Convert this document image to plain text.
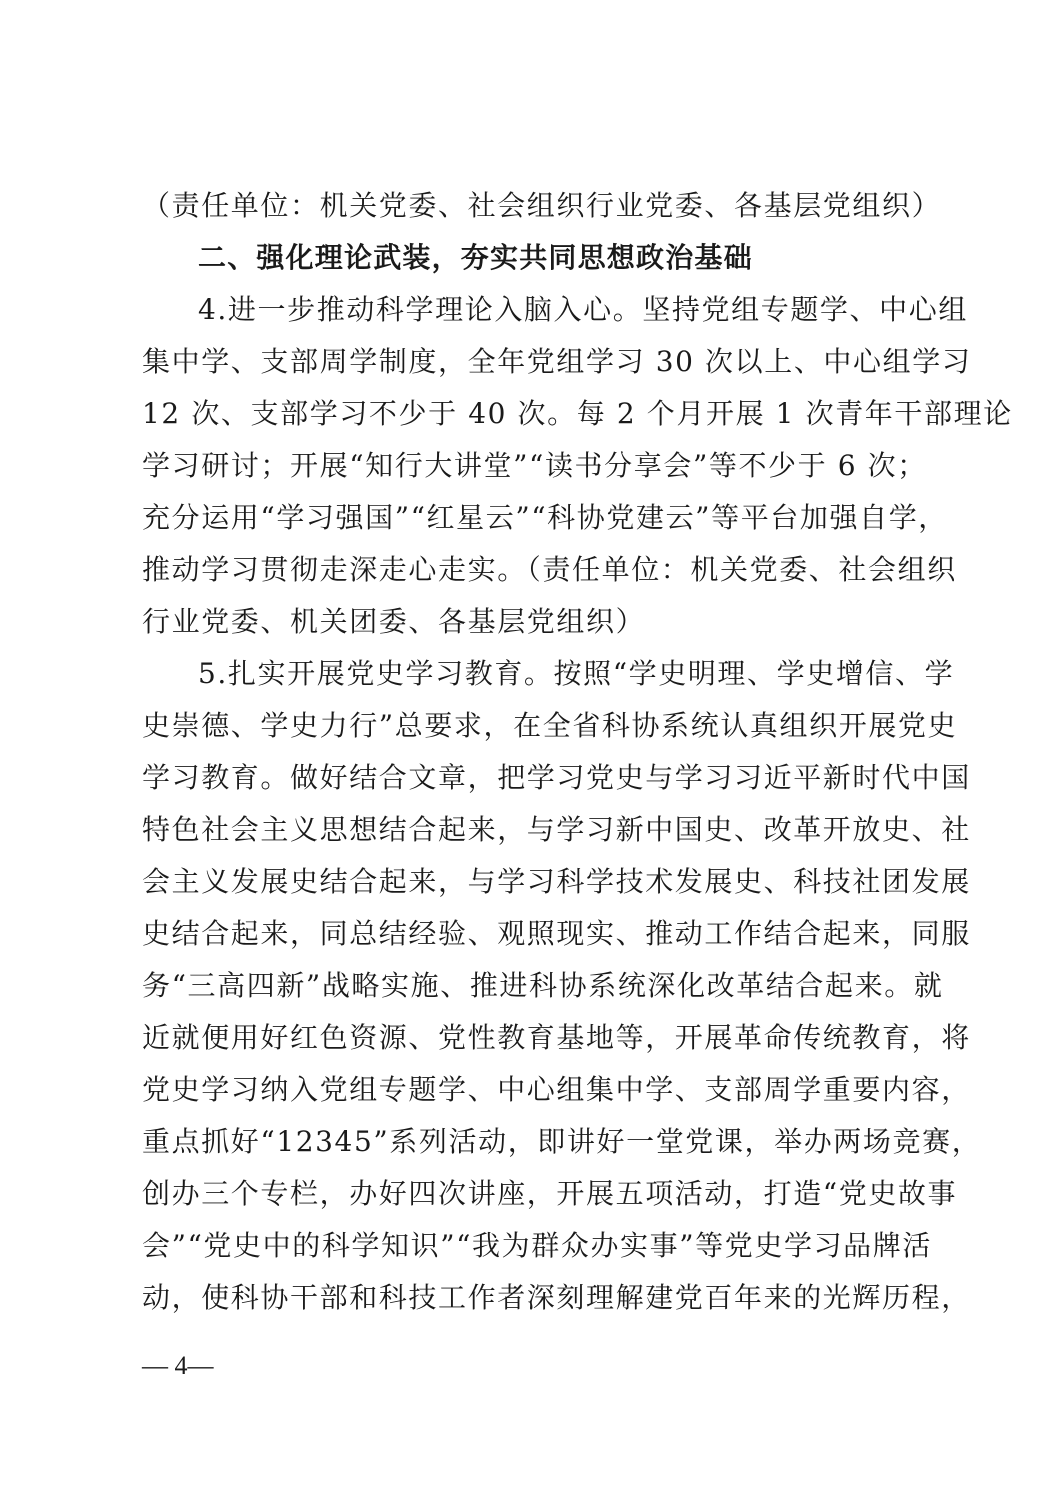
（责任单位：机关党委、社会组织行业党委、各基层党组织）
二、强化理论武装，夯实共同思想政治基础
4.进一步推动科学理论入脑入心。坚持党组专题学、中心组
集中学、支部周学制度，全年党组学习 30 次以上、中心组学习
12 次、支部学习不少于 40 次。每 2 个月开展 1 次青年干部理论
学习研讨；开展“知行大讲堂”“读书分享会”等不少于 6 次；
充分运用“学习强国”“红星云”“科协党建云”等平台加强自学，
推动学习贯彻走深走心走实。（责任单位：机关党委、社会组织
行业党委、机关团委、各基层党组织）
5.扎实开展党史学习教育。按照“学史明理、学史增信、学
史崇德、学史力行”总要求，在全省科协系统认真组织开展党史
学习教育。做好结合文章，把学习党史与学习习近平新时代中国
特色社会主义思想结合起来，与学习新中国史、改革开放史、社
会主义发展史结合起来，与学习科学技术发展史、科技社团发展
史结合起来，同总结经验、观照现实、推动工作结合起来，同服
务“三高四新”战略实施、推进科协系统深化改革结合起来。就
近就便用好红色资源、党性教育基地等，开展革命传统教育，将
党史学习纳入党组专题学、中心组集中学、支部周学重要内容，
重点抓好“12345”系列活动，即讲好一堂党课，举办两场竞赛，
创办三个专栏，办好四次讲座，开展五项活动，打造“党史故事
会”“党史中的科学知识”“我为群众办实事”等党史学习品牌活
动，使科协干部和科技工作者深刻理解建党百年来的光辉历程，
— 4—
